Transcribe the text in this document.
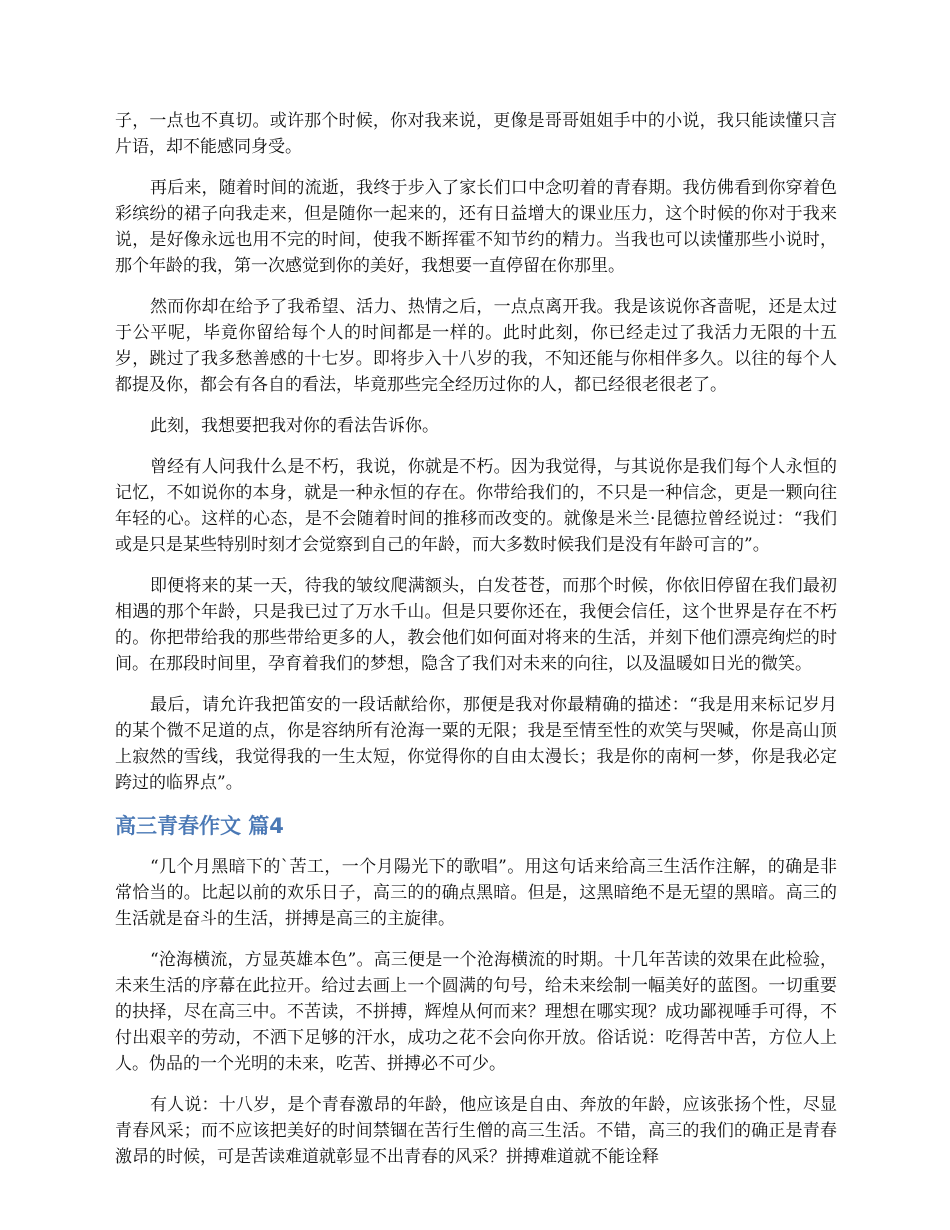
子，一点也不真切。或许那个时候，你对我来说，更像是哥哥姐姐手中的小说，我只能读懂只言片语，却不能感同身受。

再后来，随着时间的流逝，我终于步入了家长们口中念叨着的青春期。我仿佛看到你穿着色彩缤纷的裙子向我走来，但是随你一起来的，还有日益增大的课业压力，这个时候的你对于我来说，是好像永远也用不完的时间，使我不断挥霍不知节约的精力。当我也可以读懂那些小说时，那个年龄的我，第一次感觉到你的美好，我想要一直停留在你那里。

然而你却在给予了我希望、活力、热情之后，一点点离开我。我是该说你吝啬呢，还是太过于公平呢，毕竟你留给每个人的时间都是一样的。此时此刻，你已经走过了我活力无限的十五岁，跳过了我多愁善感的十七岁。即将步入十八岁的我，不知还能与你相伴多久。以往的每个人都提及你，都会有各自的看法，毕竟那些完全经历过你的人，都已经很老很老了。

此刻，我想要把我对你的看法告诉你。

曾经有人问我什么是不朽，我说，你就是不朽。因为我觉得，与其说你是我们每个人永恒的记忆，不如说你的本身，就是一种永恒的存在。你带给我们的，不只是一种信念，更是一颗向往年轻的心。这样的心态，是不会随着时间的推移而改变的。就像是米兰·昆德拉曾经说过：“我们或是只是某些特别时刻才会觉察到自己的年龄，而大多数时候我们是没有年龄可言的”。

即便将来的某一天，待我的皱纹爬满额头，白发苍苍，而那个时候，你依旧停留在我们最初相遇的那个年龄，只是我已过了万水千山。但是只要你还在，我便会信任，这个世界是存在不朽的。你把带给我的那些带给更多的人，教会他们如何面对将来的生活，并刻下他们漂亮绚烂的时间。在那段时间里，孕育着我们的梦想，隐含了我们对未来的向往，以及温暖如日光的微笑。

最后，请允许我把笛安的一段话献给你，那便是我对你最精确的描述：“我是用来标记岁月的某个微不足道的点，你是容纳所有沧海一粟的无限；我是至情至性的欢笑与哭喊，你是高山顶上寂然的雪线，我觉得我的一生太短，你觉得你的自由太漫长；我是你的南柯一梦，你是我必定跨过的临界点”。

高三青春作文 篇4

“几个月黑暗下的`苦工，一个月陽光下的歌唱”。用这句话来给高三生活作注解，的确是非常恰当的。比起以前的欢乐日子，高三的的确点黑暗。但是，这黑暗绝不是无望的黑暗。高三的生活就是奋斗的生活，拼搏是高三的主旋律。

“沧海横流，方显英雄本色”。高三便是一个沧海横流的时期。十几年苦读的效果在此检验，未来生活的序幕在此拉开。给过去画上一个圆满的句号，给未来绘制一幅美好的蓝图。一切重要的抉择，尽在高三中。不苦读，不拼搏，辉煌从何而来？理想在哪实现？成功鄙视唾手可得，不付出艰辛的劳动，不洒下足够的汗水，成功之花不会向你开放。俗话说：吃得苦中苦，方位人上人。伪品的一个光明的未来，吃苦、拼搏必不可少。

有人说：十八岁，是个青春激昂的年龄，他应该是自由、奔放的年龄，应该张扬个性，尽显青春风采；而不应该把美好的时间禁锢在苦行生僧的高三生活。不错，高三的我们的确正是青春激昂的时候，可是苦读难道就彰显不出青春的风采？拼搏难道就不能诠释
